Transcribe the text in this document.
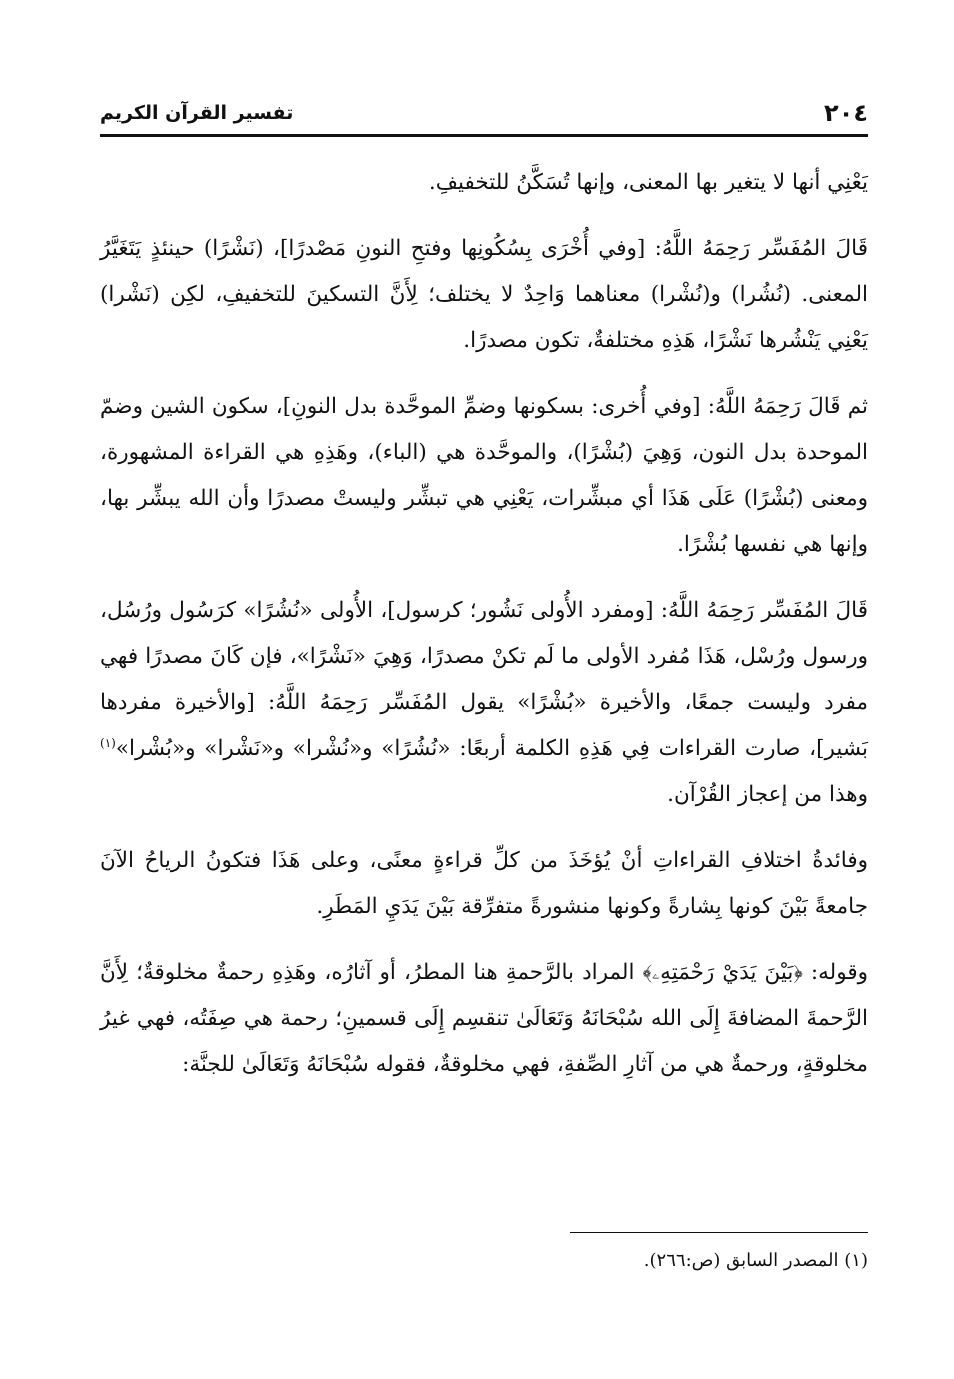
٢٠٤
تفسير القرآن الكريم

يَعْنِي أنها لا يتغير بها المعنى، وإنها تُسَكَّنُ للتخفيفِ.

قَالَ المُفَسِّر رَحِمَهُ اللَّهُ: [وفي أُخْرَى بِسُكُونِها وفتحِ النونِ مَصْدرًا]، (نَشْرًا) حينئذٍ يَتَغَيَّرُ المعنى. (نُشُرا) و(نُشْرا) معناهما وَاحِدٌ لا يختلف؛ لِأَنَّ التسكينَ للتخفيفِ، لكِن (نَشْرا) يَعْنِي يَنْشُرها نَشْرًا، هَذِهِ مختلفةٌ، تكون مصدرًا.

ثم قَالَ رَحِمَهُ اللَّهُ: [وفي أُخرى: بسكونها وضمِّ الموحَّدة بدل النونِ]، سكون الشين وضمّ الموحدة بدل النون، وَهِيَ (بُشْرًا)، والموحَّدة هي (الباء)، وهَذِهِ هي القراءة المشهورة، ومعنى (بُشْرًا) عَلَى هَذَا أي مبشِّرات، يَعْنِي هي تبشِّر وليستْ مصدرًا وأن الله يبشِّر بها، وإنها هي نفسها بُشْرًا.

قَالَ المُفَسِّر رَحِمَهُ اللَّهُ: [ومفرد الأُولى نَشُور؛ كرسول]، الأُولى «نُشُرًا» كرَسُول ورُسُل، ورسول ورُسْل، هَذَا مُفرد الأولى ما لَم تكنْ مصدرًا، وَهِيَ «نَشْرًا»، فإن كَانَ مصدرًا فهي مفرد وليست جمعًا، والأخيرة «بُشْرًا» يقول المُفَسِّر رَحِمَهُ اللَّهُ: [والأخيرة مفردها بَشير]، صارت القراءات فِي هَذِهِ الكلمة أربعًا: «نُشُرًا» و«نُشْرا» و«نَشْرا» و«بُشْرا»$^{(١)}$ وهذا من إعجاز القُرْآن.

وفائدةُ اختلافِ القراءاتِ أنْ يُؤخَذَ من كلِّ قراءةٍ معنًى، وعلى هَذَا فتكونُ الرياحُ الآنَ جامعةً بَيْنَ كونها بِشارةً وكونها منشورةً متفرِّقة بَيْنَ يَدَيِ المَطَرِ.

وقوله: ﴿بَيْنَ يَدَيْ رَحْمَتِهِۦ﴾ المراد بالرَّحمةِ هنا المطرُ، أو آثارُه، وهَذِهِ رحمةٌ مخلوقةٌ؛ لِأَنَّ الرَّحمةَ المضافةَ إِلَى الله سُبْحَانَهُ وَتَعَالَىٰ تنقسِم إِلَى قسمينِ؛ رحمة هي صِفَتُه، فهي غيرُ مخلوقةٍ، ورحمةٌ هي من آثارِ الصِّفةِ، فهي مخلوقةٌ، فقوله سُبْحَانَهُ وَتَعَالَىٰ للجنَّة:

(١) المصدر السابق (ص:٢٦٦).
